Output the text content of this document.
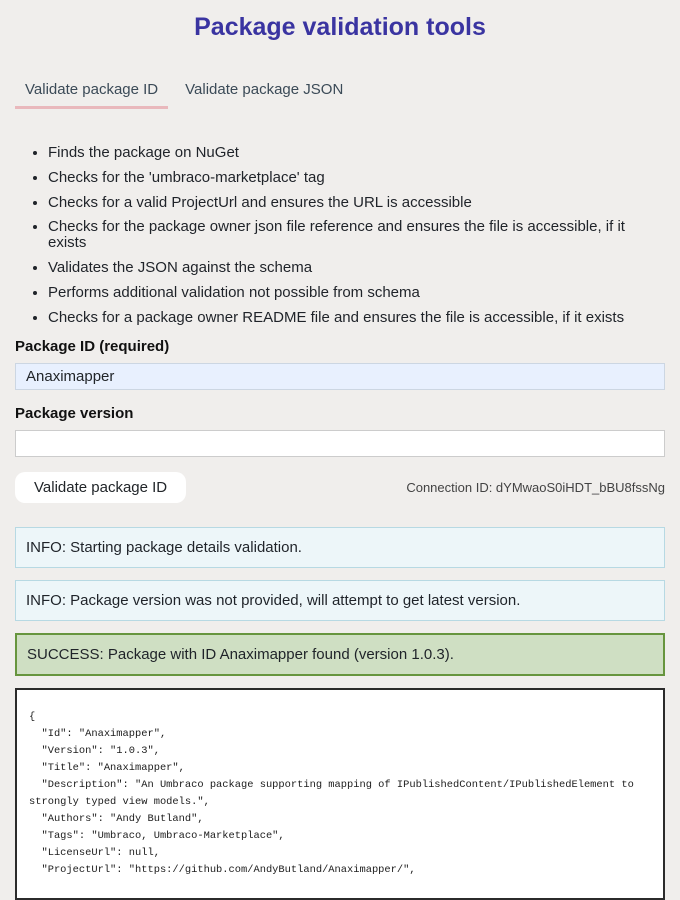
Package validation tools
Validate package ID	Validate package JSON
• Finds the package on NuGet
• Checks for the 'umbraco-marketplace' tag
• Checks for a valid ProjectUrl and ensures the URL is accessible
• Checks for the package owner json file reference and ensures the file is accessible, if it exists
• Validates the JSON against the schema
• Performs additional validation not possible from schema
• Checks for a package owner README file and ensures the file is accessible, if it exists
Package ID (required)
Anaximapper
Package version
Validate package ID	Connection ID: dYMwaoS0iHDT_bBU8fssNg
INFO: Starting package details validation.
INFO: Package version was not provided, will attempt to get latest version.
SUCCESS: Package with ID Anaximapper found (version 1.0.3).
{
"Id": "Anaximapper",
"Version": "1.0.3",
"Title": "Anaximapper",
"Description": "An Umbraco package supporting mapping of IPublishedContent/IPublishedElement to
strongly typed view models.",
"Authors": "Andy Butland",
"Tags": "Umbraco, Umbraco-Marketplace",
"LicenseUrl": null,
"ProjectUrl": "https://github.com/AndyButland/Anaximapper/",
